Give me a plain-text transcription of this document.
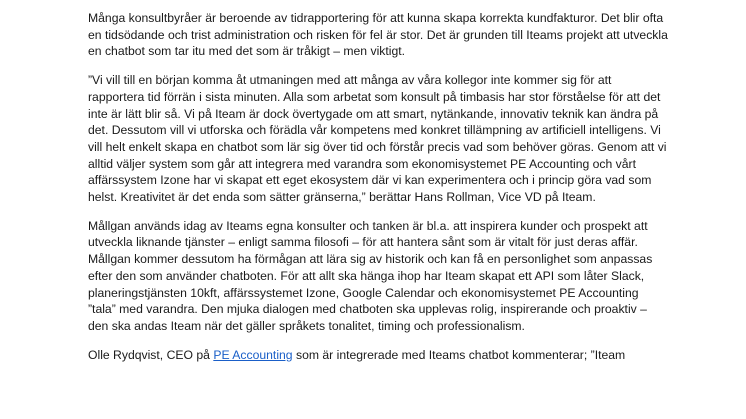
Många konsultbyråer är beroende av tidrapportering för att kunna skapa korrekta kundfakturor. Det blir ofta en tidsödande och trist administration och risken för fel är stor. Det är grunden till Iteams projekt att utveckla en chatbot som tar itu med det som är tråkigt – men viktigt.

”Vi vill till en början komma åt utmaningen med att många av våra kollegor inte kommer sig för att rapportera tid förrän i sista minuten. Alla som arbetat som konsult på timbasis har stor förståelse för att det inte är lätt blir så. Vi på Iteam är dock övertygade om att smart, nytänkande, innovativ teknik kan ändra på det. Dessutom vill vi utforska och förädla vår kompetens med konkret tillämpning av artificiell intelligens. Vi vill helt enkelt skapa en chatbot som lär sig över tid och förstår precis vad som behöver göras. Genom att vi alltid väljer system som går att integrera med varandra som ekonomisystemet PE Accounting och vårt affärssystem Izone har vi skapat ett eget ekosystem där vi kan experimentera och i princip göra vad som helst. Kreativitet är det enda som sätter gränserna,” berättar Hans Rollman, Vice VD på Iteam.

Mållgan används idag av Iteams egna konsulter och tanken är bl.a. att inspirera kunder och prospekt att utveckla liknande tjänster – enligt samma filosofi – för att hantera sånt som är vitalt för just deras affär. Mållgan kommer dessutom ha förmågan att lära sig av historik och kan få en personlighet som anpassas efter den som använder chatboten. För att allt ska hänga ihop har Iteam skapat ett API som låter Slack, planeringstjänsten 10kft, affärssystemet Izone, Google Calendar och ekonomisystemet PE Accounting ”tala” med varandra. Den mjuka dialogen med chatboten ska upplevas rolig, inspirerande och proaktiv – den ska andas Iteam när det gäller språkets tonalitet, timing och professionalism.

Olle Rydqvist, CEO på PE Accounting som är integrerade med Iteams chatbot kommenterar; ”Iteam
